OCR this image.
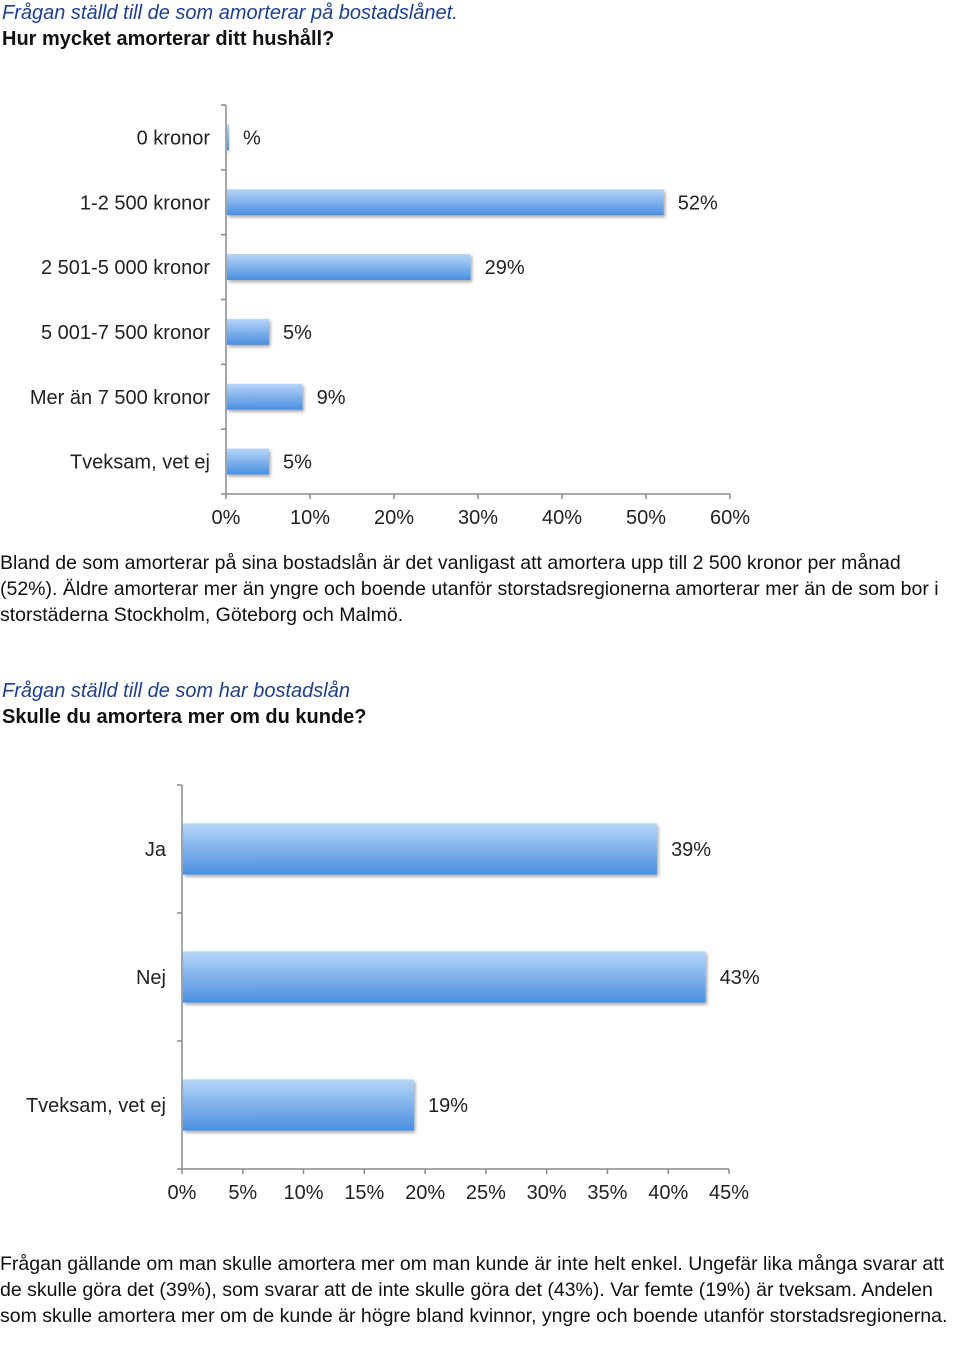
Frågan ställd till de som amorterar på bostadslånet.
Hur mycket amorterar ditt hushåll?
0% 10% 20% 30% 40% 50% 60%
0 kronor %
1-2 500 kronor	52%
2 501-5 000 kronor	29%
5 001-7 500 kronor	5%
Mer än 7 500 kronor	9%
Tveksam, vet ej	5%
Bland de som amorterar på sina bostadslån är det vanligast att amortera upp till 2 500 kronor per månad (52%). Äldre amorterar mer än yngre och boende utanför storstadsregionerna amorterar mer än de som bor i storstäderna Stockholm, Göteborg och Malmö.
Frågan ställd till de som har bostadslån
Skulle du amortera mer om du kunde?
0% 5% 10% 15% 20% 25% 30% 35% 40% 45%
Ja	39%
Nej	43%
Tveksam, vet ej	19%
Frågan gällande om man skulle amortera mer om man kunde är inte helt enkel. Ungefär lika många svarar att de skulle göra det (39%), som svarar att de inte skulle göra det (43%). Var femte (19%) är tveksam. Andelen som skulle amortera mer om de kunde är högre bland kvinnor, yngre och boende utanför storstadsregionerna.
